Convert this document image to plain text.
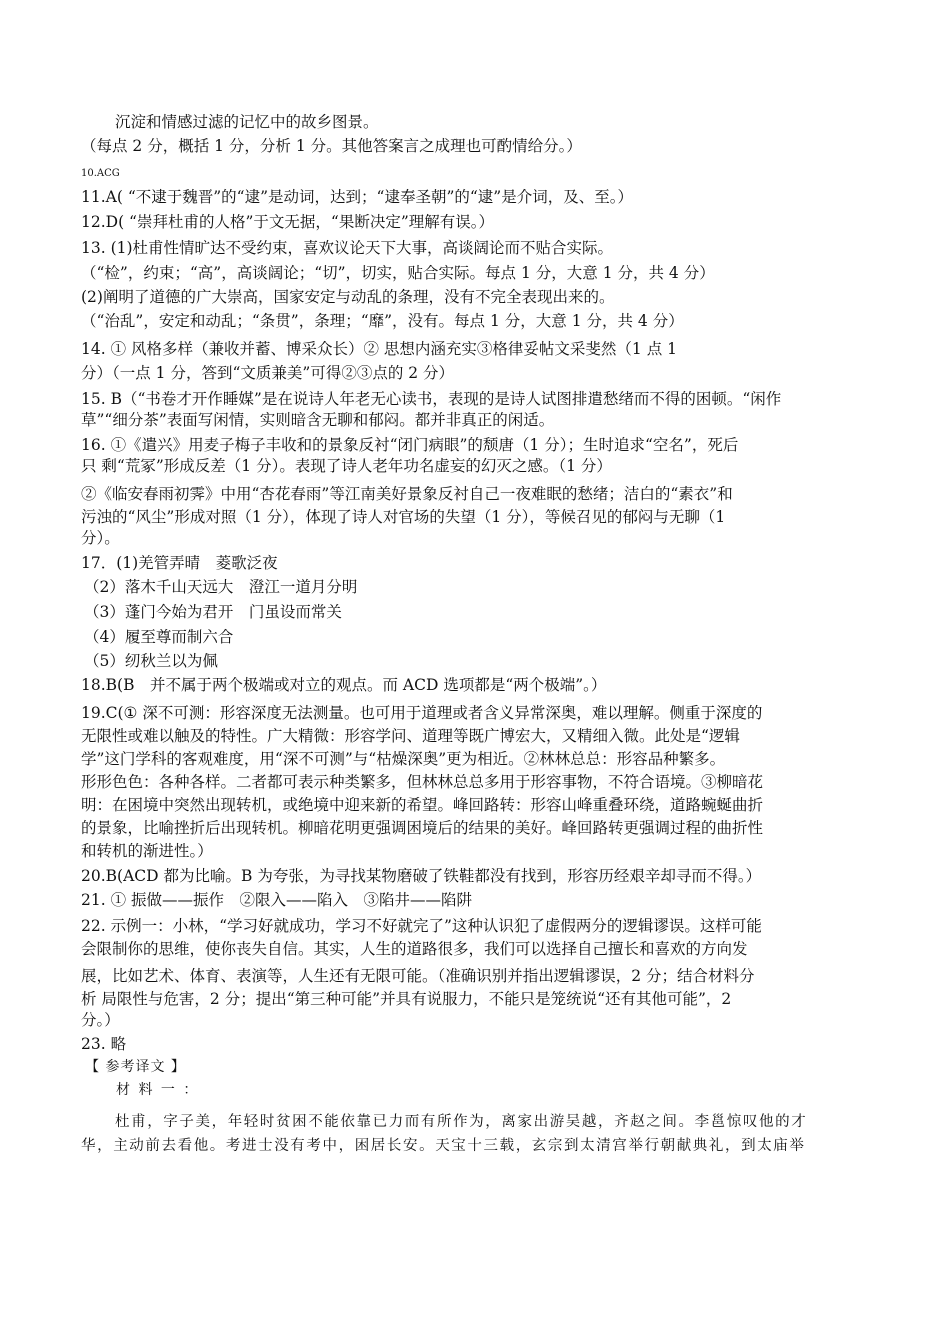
沉淀和情感过滤的记忆中的故乡图景。
（每点 2 分，概括 1 分，分析 1 分。其他答案言之成理也可酌情给分。）
10.ACG
11.A( “不逮于魏晋”的“逮”是动词，达到；“逮奉圣朝”的“逮”是介词，及、至。）
12.D( “崇拜杜甫的人格”于文无据，“果断决定”理解有误。）
13. (1)杜甫性情旷达不受约束，喜欢议论天下大事，高谈阔论而不贴合实际。
（“检”，约束；“高”，高谈阔论；“切”，切实，贴合实际。每点 1 分，大意 1 分，共 4 分）
(2)阐明了道德的广大崇高，国家安定与动乱的条理，没有不完全表现出来的。
（“治乱”，安定和动乱；“条贯”，条理；“靡”，没有。每点 1 分，大意 1 分，共 4 分）
14. ① 风格多样（兼收并蓄、博采众长）② 思想内涵充实③格律妥帖文采斐然（1 点 1
分）（一点 1 分，答到“文质兼美”可得②③点的 2 分）
15. B（“书卷才开作睡媒”是在说诗人年老无心读书，表现的是诗人试图排遣愁绪而不得的困顿。“闲作
草”“细分茶”表面写闲情，实则暗含无聊和郁闷。都并非真正的闲适。
16. ①《遣兴》用麦子梅子丰收和的景象反衬“闭门病眼”的颓唐（1 分）；生时追求“空名”，死后
只 剩“荒冢”形成反差（1 分）。表现了诗人老年功名虚妄的幻灭之感。（1 分）
②《临安春雨初霁》中用“杏花春雨”等江南美好景象反衬自己一夜难眠的愁绪；洁白的“素衣”和
污浊的“风尘”形成对照（1 分），体现了诗人对官场的失望（1 分），等候召见的郁闷与无聊（1
分）。
17．(1)羌管弄晴　菱歌泛夜
（2）落木千山天远大　澄江一道月分明
（3）蓬门今始为君开　门虽设而常关
（4）履至尊而制六合
（5）纫秋兰以为佩
18.B(B　并不属于两个极端或对立的观点。而 ACD 选项都是“两个极端”。）
19.C(① 深不可测：形容深度无法测量。也可用于道理或者含义异常深奥，难以理解。侧重于深度的
无限性或难以触及的特性。广大精微：形容学问、道理等既广博宏大，又精细入微。此处是“逻辑
学”这门学科的客观难度，用“深不可测”与“枯燥深奥”更为相近。②林林总总：形容品种繁多。
形形色色：各种各样。二者都可表示种类繁多，但林林总总多用于形容事物，不符合语境。③柳暗花
明：在困境中突然出现转机，或绝境中迎来新的希望。峰回路转：形容山峰重叠环绕，道路蜿蜒曲折
的景象，比喻挫折后出现转机。柳暗花明更强调困境后的结果的美好。峰回路转更强调过程的曲折性
和转机的渐进性。）
20.B(ACD 都为比喻。B 为夸张，为寻找某物磨破了铁鞋都没有找到，形容历经艰辛却寻而不得。）
21. ① 振做——振作　②限入——陷入　③陷井——陷阱
22. 示例一：小林，“学习好就成功，学习不好就完了”这种认识犯了虚假两分的逻辑谬误。这样可能
会限制你的思维，使你丧失自信。其实，人生的道路很多，我们可以选择自己擅长和喜欢的方向发
展，比如艺术、体育、表演等，人生还有无限可能。（准确识别并指出逻辑谬误，2 分；结合材料分
析 局限性与危害，2 分；提出“第三种可能”并具有说服力，不能只是笼统说“还有其他可能”，2
分。）
23. 略
【 参考译文 】
材 料 一 ：
杜甫，字子美，年轻时贫困不能依靠已力而有所作为，离家出游吴越，齐赵之间。李邕惊叹他的才
华，主动前去看他。考进士没有考中，困居长安。天宝十三载，玄宗到太清宫举行朝献典礼，到太庙举
